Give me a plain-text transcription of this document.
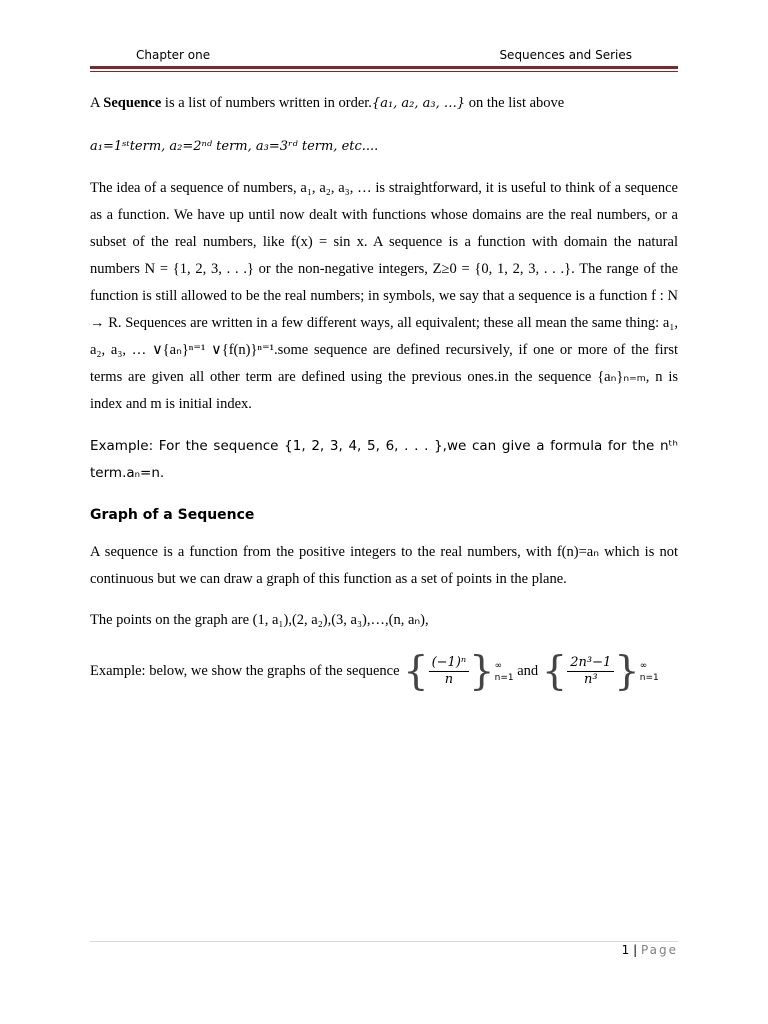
Chapter one	Sequences and Series

A Sequence is a list of numbers written in order.{a₁, a₂, a₃, …} on the list above

a₁=1ˢᵗterm, a₂=2ⁿᵈ term, a₃=3ʳᵈ term, etc....

The idea of a sequence of numbers, a₁, a₂, a₃, … is straightforward, it is useful to think of a sequence as a function. We have up until now dealt with functions whose domains are the real numbers, or a subset of the real numbers, like f(x) = sin x. A sequence is a function with domain the natural numbers N = {1, 2, 3, . . .} or the non-negative integers, Z≥0 = {0, 1, 2, 3, . . .}. The range of the function is still allowed to be the real numbers; in symbols, we say that a sequence is a function f : N → R. Sequences are written in a few different ways, all equivalent; these all mean the same thing: a₁, a₂, a₃, … ∨{aₙ}ⁿ⁼¹ ∨{f(n)}ⁿ⁼¹.some sequence are defined recursively, if one or more of the first terms are given all other term are defined using the previous ones.in the sequence {aₙ}ₙ₌ₘ, n is index and m is initial index.

Example: For the sequence {1, 2, 3, 4, 5, 6, . . . },we can give a formula for the nᵗʰ term.aₙ=n.

Graph of a Sequence

A sequence is a function from the positive integers to the real numbers, with f(n)=aₙ which is not continuous but we can draw a graph of this function as a set of points in the plane.

The points on the graph are (1, a₁),(2, a₂),(3, a₃),…,(n, aₙ),

Example: below, we show the graphs of the sequence { $\frac{\text{(−1)ⁿ}}{n}$ } ∞
n=1 and { $\frac{\text{2n³−1}}{\text{n³}}$ } ∞
n=1

1 | Page
